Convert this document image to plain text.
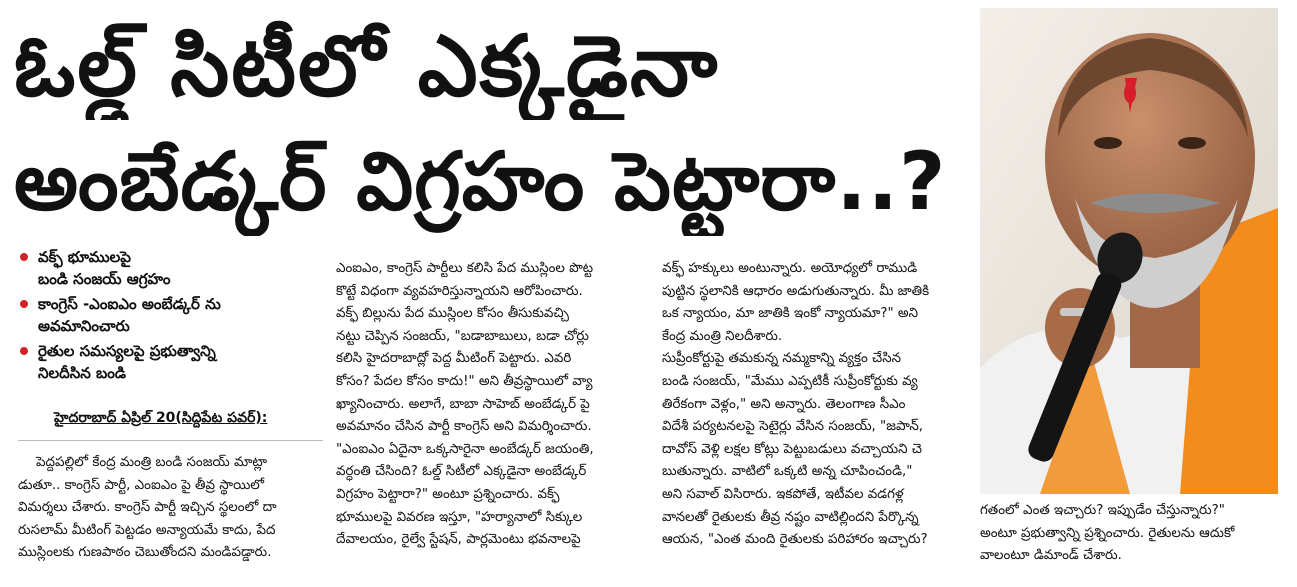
ఓల్డ్ సిటీలో ఎక్కడైనా
అంబేడ్కర్ విగ్రహం పెట్టారా..?
వక్ఫ్ భూములపై
బండి సంజయ్ ఆగ్రహం
కాంగ్రెస్ -ఎంఐఎం అంబేడ్కర్ ను
అవమానించారు
రైతుల సమస్యలపై ప్రభుత్వాన్ని
నిలదీసిన బండి
హైదరాబాద్ ఏప్రిల్ 20(సిద్దిపేట పవర్):

పెద్దపల్లిలో కేంద్ర మంత్రి బండి సంజయ్ మాట్లా
డుతూ.. కాంగ్రెస్ పార్టీ, ఎంఐఎం పై తీవ్ర స్థాయిలో
విమర్శలు చేశారు. కాంగ్రెస్ పార్టీ ఇచ్చిన స్థలంలో దా
రుసలామ్ మీటింగ్ పెట్టడం అన్యాయమే కాదు, పేద
ముస్లింలకు గుణపాఠం చెబుతోందని మండిపడ్డారు.

ఎంఐఎం, కాంగ్రెస్ పార్టీలు కలిసి పేద ముస్లింల పొట్ట
కొట్టే విధంగా వ్యవహరిస్తున్నాయని ఆరోపించారు.
వక్ఫ్ బిల్లును పేద ముస్లింల కోసం తీసుకువచ్చి
నట్టు చెప్పిన సంజయ్, "బడాబాబులు, బడా చోర్లు
కలిసి హైదరాబాద్లో పెద్ద మీటింగ్ పెట్టారు. ఎవరి
కోసం? పేదల కోసం కాదు!" అని తీవ్రస్థాయిలో వ్యా
ఖ్యానించారు. అలాగే, బాబా సాహెబ్ అంబేడ్కర్ పై
అవమానం చేసిన పార్టీ కాంగ్రెస్ అని విమర్శించారు.
"ఎంఐఎం ఏదైనా ఒక్కసారైనా అంబేడ్కర్ జయంతి,
వర్ధంతి చేసింది? ఓల్డ్ సిటీలో ఎక్కడైనా అంబేడ్కర్
విగ్రహం పెట్టారా?" అంటూ ప్రశ్నించారు. వక్ఫ్
భూములపై వివరణ ఇస్తూ, "హర్యానాలో సిక్కుల
దేవాలయం, రైల్వే స్టేషన్, పార్లమెంటు భవనాలపై

వక్ఫ్ హక్కులు అంటున్నారు. అయోధ్యలో రాముడి
పుట్టిన స్థలానికి ఆధారం అడుగుతున్నారు. మీ జాతికి
ఒక న్యాయం, మా జాతికి ఇంకో న్యాయమా?" అని
కేంద్ర మంత్రి నిలదీశారు.
సుప్రీంకోర్టుపై తమకున్న నమ్మకాన్ని వ్యక్తం చేసిన
బండి సంజయ్, "మేము ఎప్పటికీ సుప్రీంకోర్టుకు వ్య
తిరేకంగా వెళ్లం," అని అన్నారు. తెలంగాణ సీఎం
విదేశీ పర్యటనలపై సెటైర్లు వేసిన సంజయ్, "జపాన్,
దావోస్ వెళ్లి లక్షల కోట్లు పెట్టుబడులు వచ్చాయని చె
బుతున్నారు. వాటిలో ఒక్కటి అన్న చూపించండి,"
అని సవాల్ విసిరారు. ఇకపోతే, ఇటీవల వడగళ్ల
వానలతో రైతులకు తీవ్ర నష్టం వాటిల్లిందని పేర్కొన్న
ఆయన, "ఎంత మంది రైతులకు పరిహారం ఇచ్చారు?

గతంలో ఎంత ఇచ్చారు? ఇప్పుడేం చేస్తున్నారు?"
అంటూ ప్రభుత్వాన్ని ప్రశ్నించారు. రైతులను ఆదుకో
వాలంటూ డిమాండ్ చేశారు.
